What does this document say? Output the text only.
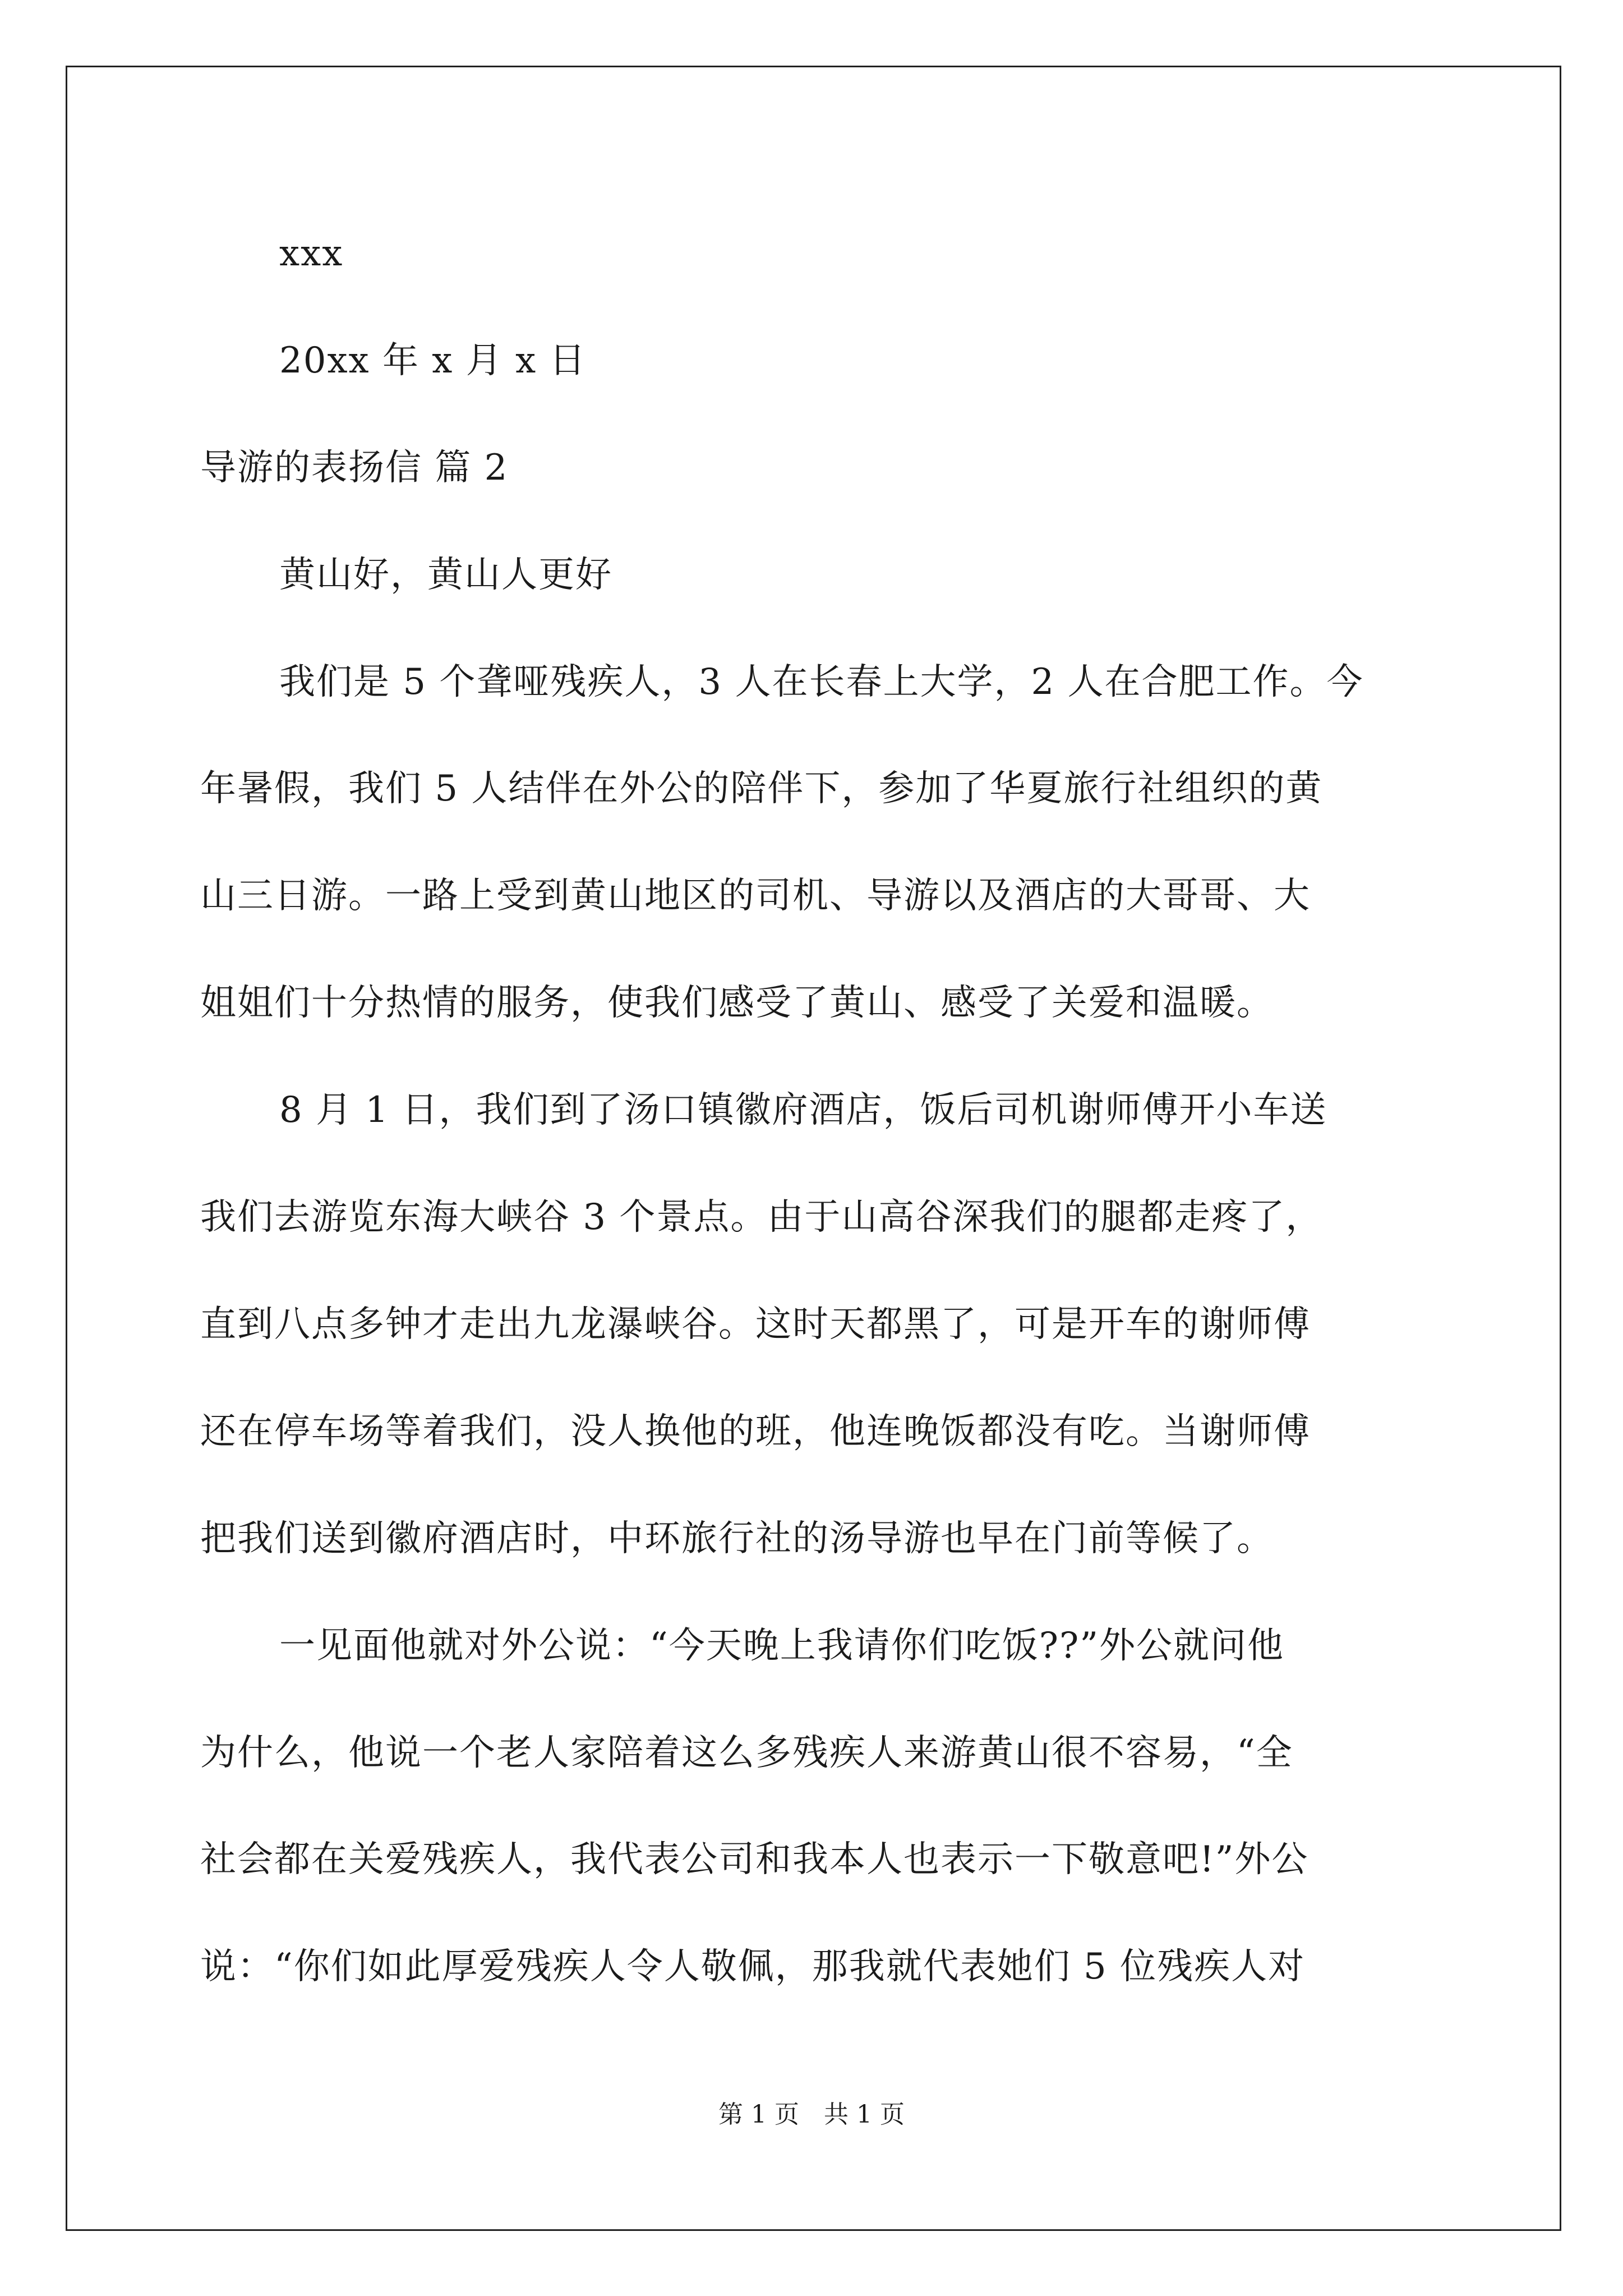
xxx
20xx 年 x 月 x 日
导游的表扬信 篇 2
黄山好，黄山人更好
我们是 5 个聋哑残疾人，3 人在长春上大学，2 人在合肥工作。今
年暑假，我们 5 人结伴在外公的陪伴下，参加了华夏旅行社组织的黄
山三日游。一路上受到黄山地区的司机、导游以及酒店的大哥哥、大
姐姐们十分热情的服务，使我们感受了黄山、感受了关爱和温暖。
8 月 1 日，我们到了汤口镇徽府酒店，饭后司机谢师傅开小车送
我们去游览东海大峡谷 3 个景点。由于山高谷深我们的腿都走疼了，
直到八点多钟才走出九龙瀑峡谷。这时天都黑了，可是开车的谢师傅
还在停车场等着我们，没人换他的班，他连晚饭都没有吃。当谢师傅
把我们送到徽府酒店时，中环旅行社的汤导游也早在门前等候了。
一见面他就对外公说：“今天晚上我请你们吃饭??”外公就问他
为什么，他说一个老人家陪着这么多残疾人来游黄山很不容易，“全
社会都在关爱残疾人，我代表公司和我本人也表示一下敬意吧!”外公
说：“你们如此厚爱残疾人令人敬佩，那我就代表她们 5 位残疾人对
第 1 页　共 1 页
